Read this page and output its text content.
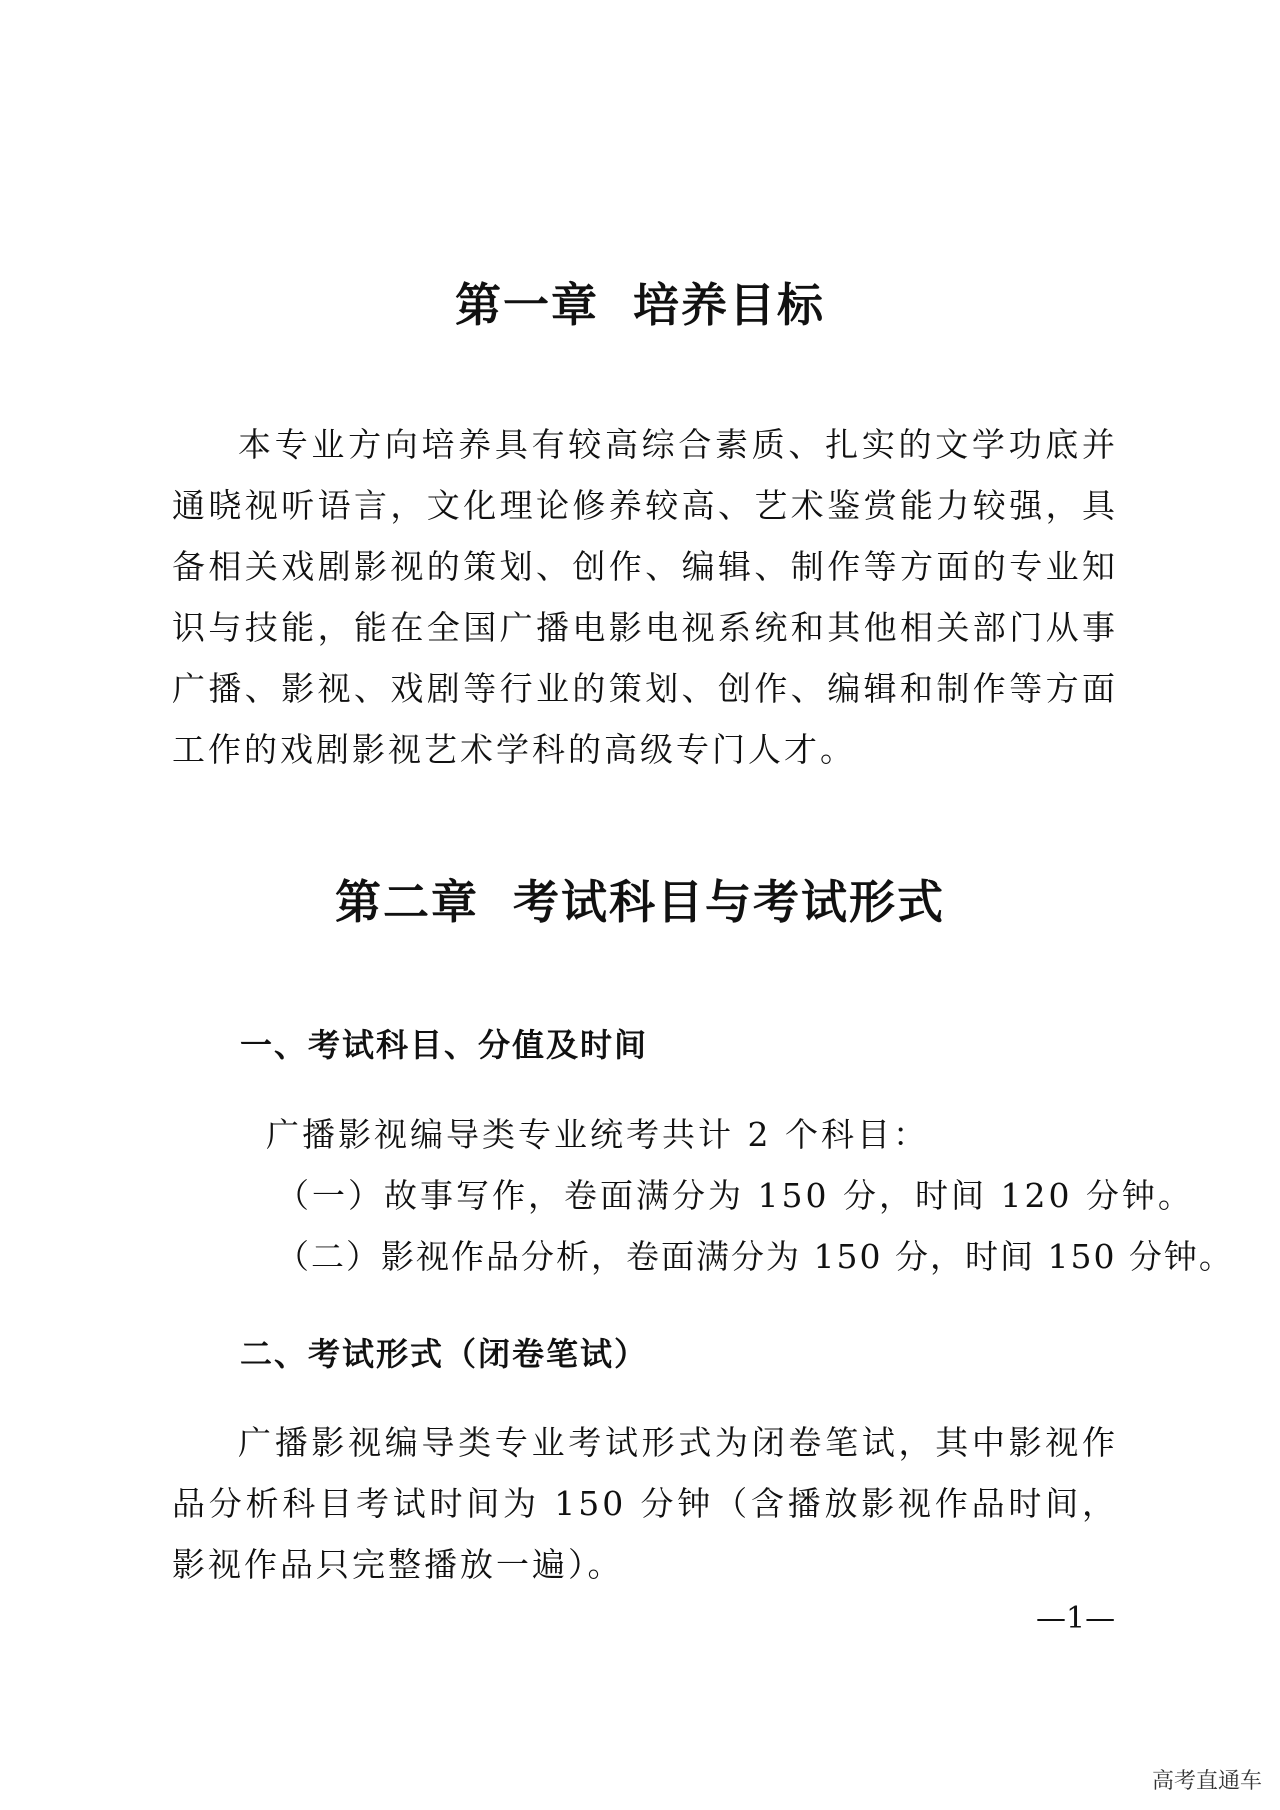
第一章 培养目标

本专业方向培养具有较高综合素质、扎实的文学功底并通晓视听语言，文化理论修养较高、艺术鉴赏能力较强，具备相关戏剧影视的策划、创作、编辑、制作等方面的专业知识与技能，能在全国广播电影电视系统和其他相关部门从事广播、影视、戏剧等行业的策划、创作、编辑和制作等方面工作的戏剧影视艺术学科的高级专门人才。

第二章 考试科目与考试形式
一、考试科目、分值及时间

广播影视编导类专业统考共计 2 个科目：

（一）故事写作，卷面满分为 150 分，时间 120 分钟。

（二）影视作品分析，卷面满分为 150 分，时间 150 分钟。

二、考试形式（闭卷笔试）

广播影视编导类专业考试形式为闭卷笔试，其中影视作品分析科目考试时间为 150 分钟（含播放影视作品时间，影视作品只完整播放一遍）。

—1—
高考直通车
